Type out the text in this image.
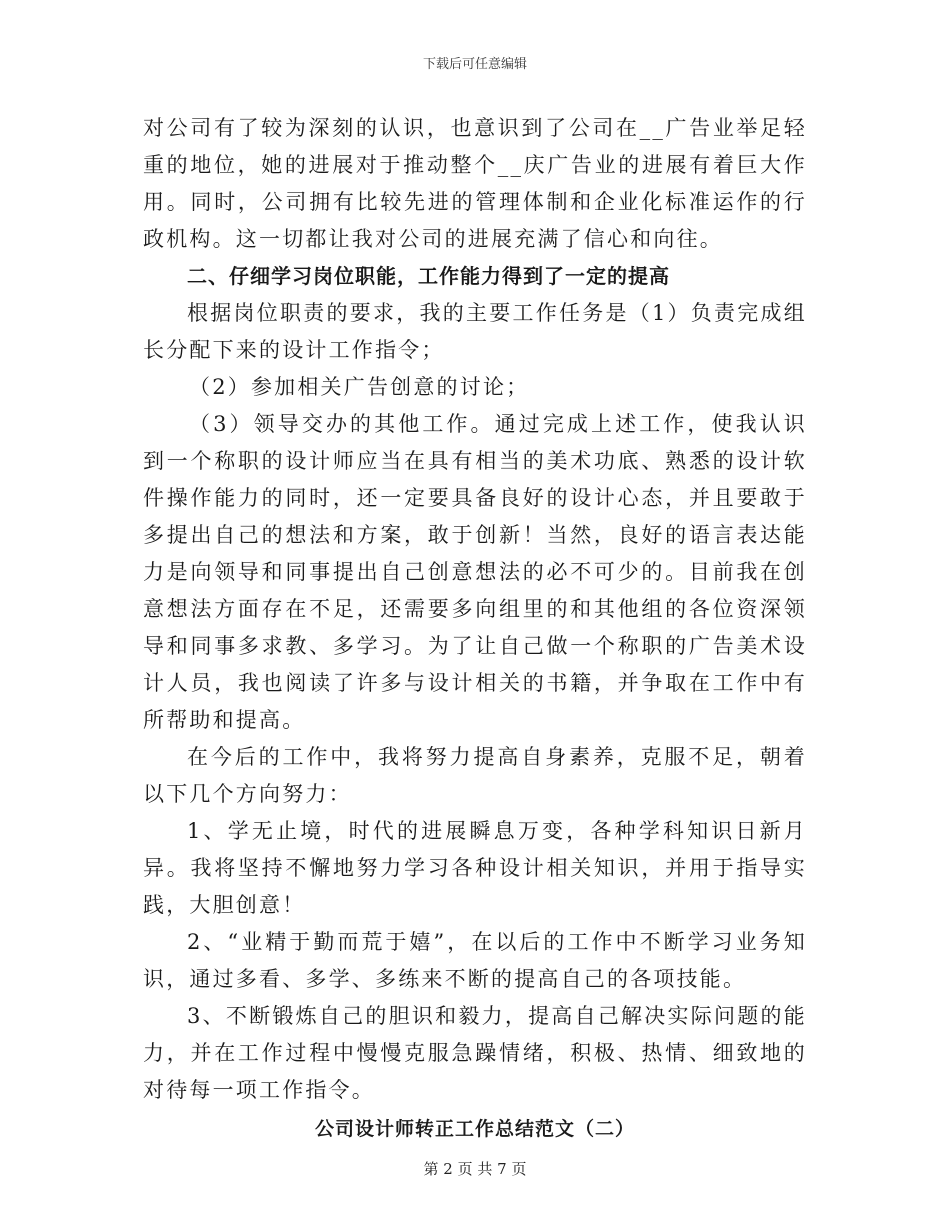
下载后可任意编辑

对公司有了较为深刻的认识，也意识到了公司在__广告业举足轻重的地位，她的进展对于推动整个__庆广告业的进展有着巨大作用。同时，公司拥有比较先进的管理体制和企业化标准运作的行政机构。这一切都让我对公司的进展充满了信心和向往。

二、仔细学习岗位职能，工作能力得到了一定的提高

根据岗位职责的要求，我的主要工作任务是（1）负责完成组长分配下来的设计工作指令；

（2）参加相关广告创意的讨论；

（3）领导交办的其他工作。通过完成上述工作，使我认识到一个称职的设计师应当在具有相当的美术功底、熟悉的设计软件操作能力的同时，还一定要具备良好的设计心态，并且要敢于多提出自己的想法和方案，敢于创新！当然，良好的语言表达能力是向领导和同事提出自己创意想法的必不可少的。目前我在创意想法方面存在不足，还需要多向组里的和其他组的各位资深领导和同事多求教、多学习。为了让自己做一个称职的广告美术设计人员，我也阅读了许多与设计相关的书籍，并争取在工作中有所帮助和提高。

在今后的工作中，我将努力提高自身素养，克服不足，朝着以下几个方向努力：

1、学无止境，时代的进展瞬息万变，各种学科知识日新月异。我将坚持不懈地努力学习各种设计相关知识，并用于指导实践，大胆创意！

2、“业精于勤而荒于嬉”，在以后的工作中不断学习业务知识，通过多看、多学、多练来不断的提高自己的各项技能。

3、不断锻炼自己的胆识和毅力，提高自己解决实际问题的能力，并在工作过程中慢慢克服急躁情绪，积极、热情、细致地的对待每一项工作指令。

公司设计师转正工作总结范文（二）

第 2 页 共 7 页
